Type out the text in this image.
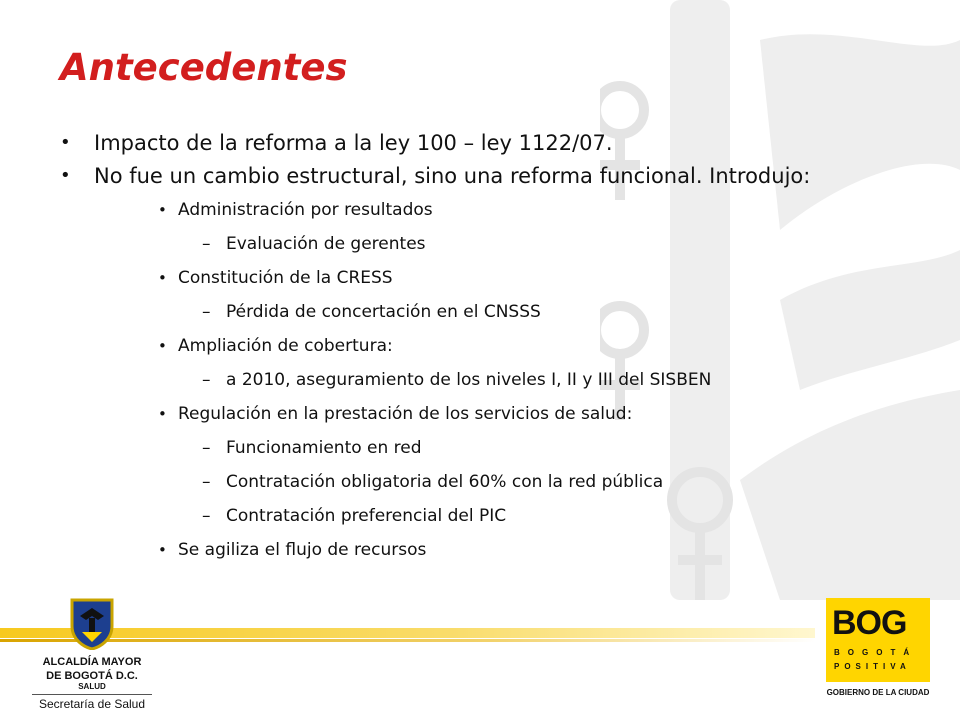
Antecedentes
• Impacto de la reforma a la ley 100 – ley 1122/07.
• No fue un cambio estructural, sino una reforma funcional. Introdujo:
• Administración por resultados
– Evaluación de gerentes
• Constitución de la CRESS
– Pérdida de concertación en el CNSSS
• Ampliación de cobertura:
– a 2010, aseguramiento de los niveles I, II y III del SISBEN
• Regulación en la prestación de los servicios de salud:
– Funcionamiento en red
– Contratación obligatoria del 60% con la red pública
– Contratación preferencial del PIC
• Se agiliza el flujo de recursos
ALCALDÍA MAYOR
DE BOGOTÁ D.C.
SALUD
Secretaría de Salud
BOG
BOGOTÁ
POSITIVA
GOBIERNO DE LA CIUDAD
